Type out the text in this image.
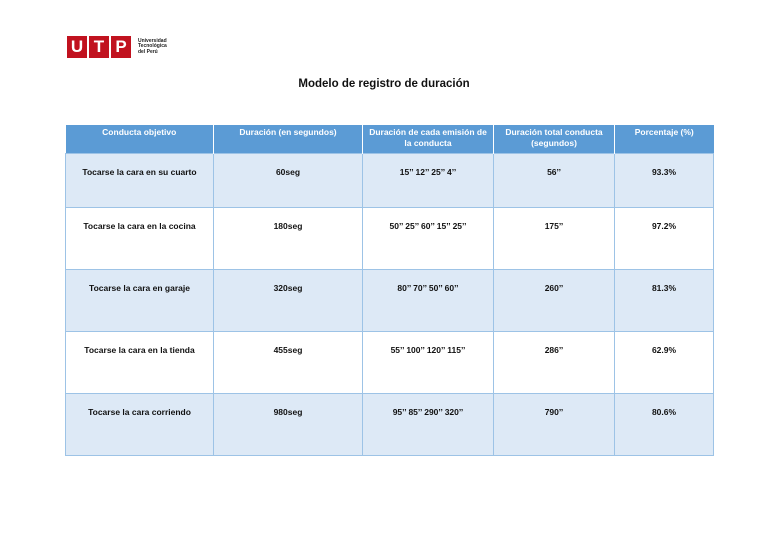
U T P	Universidad
Tecnológica
del Perú
Modelo de registro de duración
Conducta objetivo	Duración (en segundos)	Duración de cada emisión de la conducta	Duración total conducta (segundos)	Porcentaje (%)
Tocarse la cara en su cuarto	60seg	15’’ 12’’ 25’’ 4’’	56’’	93.3%
Tocarse la cara en la cocina	180seg	50’’ 25’’ 60’’ 15’’ 25’’	175’’	97.2%
Tocarse la cara en garaje	320seg	80’’ 70’’ 50’’ 60’’	260’’	81.3%
Tocarse la cara en la tienda	455seg	55’’ 100’’ 120’’ 115’’	286’’	62.9%
Tocarse la cara corriendo	980seg	95’’ 85’’ 290’’ 320’’	790’’	80.6%
